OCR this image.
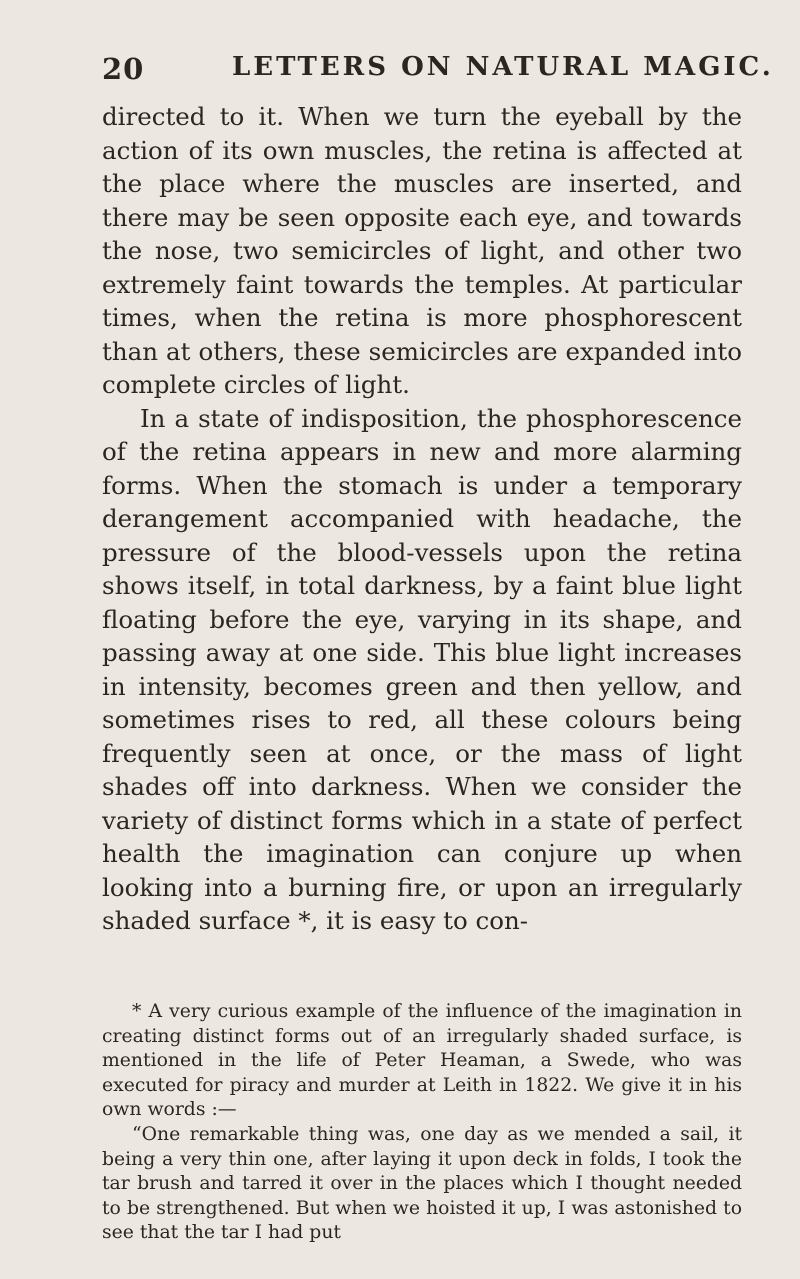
20	LETTERS ON NATURAL MAGIC.

directed to it. When we turn the eyeball by the action of its own muscles, the retina is affected at the place where the muscles are inserted, and there may be seen opposite each eye, and towards the nose, two semicircles of light, and other two extremely faint towards the temples. At particular times, when the retina is more phosphorescent than at others, these semicircles are expanded into complete circles of light.

In a state of indisposition, the phosphorescence of the retina appears in new and more alarming forms. When the stomach is under a temporary derangement accompanied with headache, the pressure of the blood-vessels upon the retina shows itself, in total darkness, by a faint blue light floating before the eye, varying in its shape, and passing away at one side. This blue light increases in intensity, becomes green and then yellow, and sometimes rises to red, all these colours being frequently seen at once, or the mass of light shades off into darkness. When we consider the variety of distinct forms which in a state of perfect health the imagination can conjure up when looking into a burning fire, or upon an irregularly shaded surface *, it is easy to con-

* A very curious example of the influence of the imagination in creating distinct forms out of an irregularly shaded surface, is mentioned in the life of Peter Heaman, a Swede, who was executed for piracy and murder at Leith in 1822. We give it in his own words :—

“One remarkable thing was, one day as we mended a sail, it being a very thin one, after laying it upon deck in folds, I took the tar brush and tarred it over in the places which I thought needed to be strengthened. But when we hoisted it up, I was astonished to see that the tar I had put
